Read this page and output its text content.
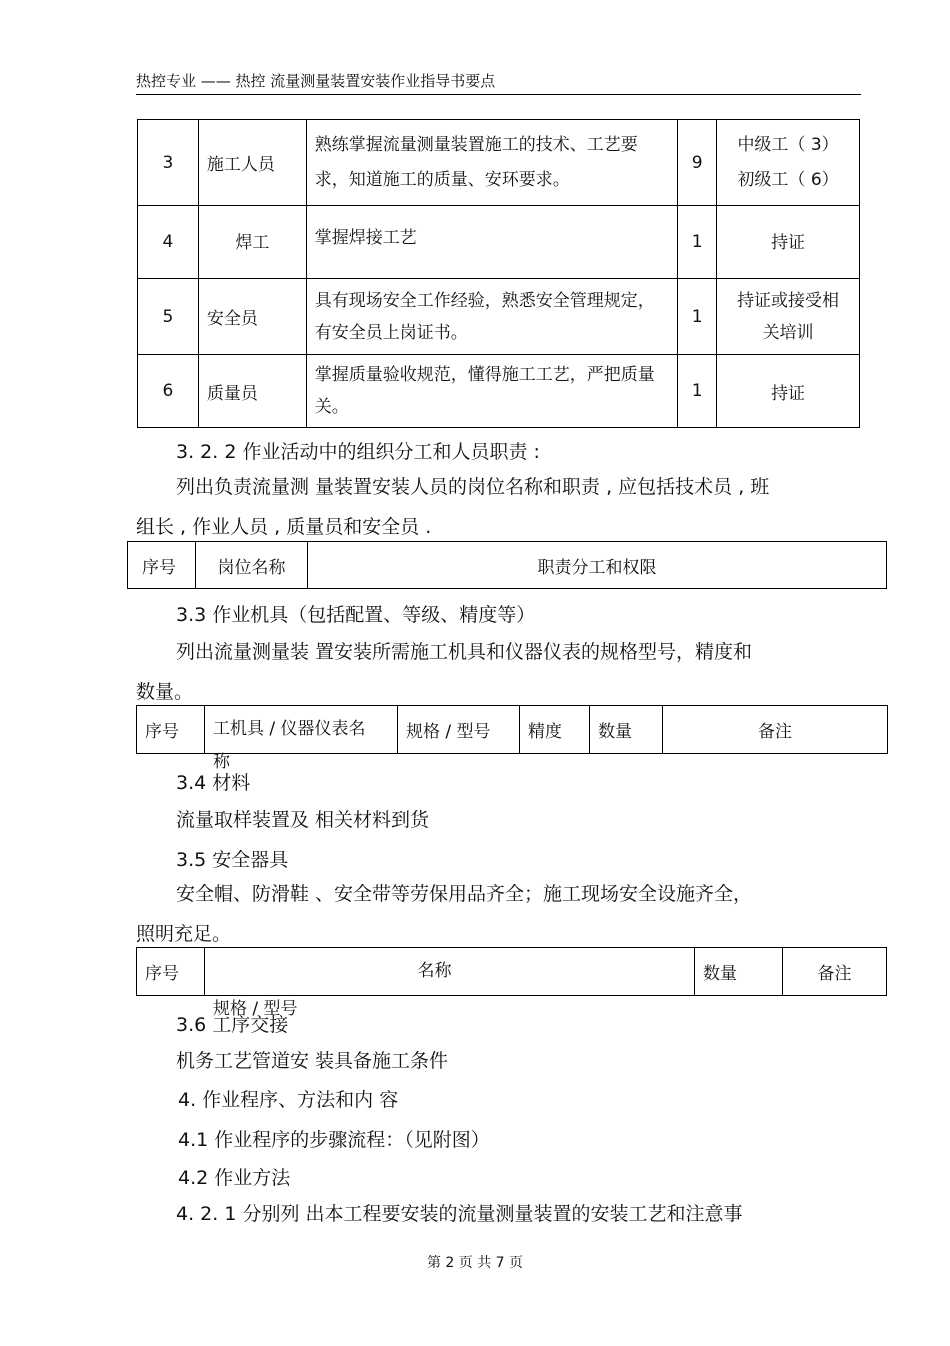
热控专业 —— 热控 流量测量装置安装作业指导书要点
3	施工人员	熟练掌握流量测量装置施工的技术、工艺要求，知道施工的质量、安环要求。	9	中级工（ 3）
初级工（ 6）
4	焊工	掌握焊接工艺	1	持证
5	安全员	具有现场安全工作经验，熟悉安全管理规定，有安全员上岗证书。	1	持证或接受相关培训
6	质量员	掌握质量验收规范，懂得施工工艺，严把质量关。	1	持证
3. 2. 2 作业活动中的组织分工和人员职责 :
列出负责流量测 量装置安装人员的岗位名称和职责 , 应包括技术员 , 班
组长 , 作业人员 , 质量员和安全员 .
序号	岗位名称	职责分工和权限
3.3 作业机具（包括配置、等级、精度等）
列出流量测量装 置安装所需施工机具和仪器仪表的规格型号，精度和
数量。
序号	工机具 / 仪器仪表名
称
	规格 / 型号	精度	数量	备注
3.4 材料
流量取样装置及 相关材料到货
3.5 安全器具
安全帽、防滑鞋 、安全带等劳保用品齐全；施工现场安全设施齐全，
照明充足。
序号	名称
规格 / 型号
	数量	备注
3.6 工序交接
机务工艺管道安 装具备施工条件
4. 作业程序、方法和内 容
4.1 作业程序的步骤流程：（见附图）
4.2 作业方法
4. 2. 1 分别列 出本工程要安装的流量测量装置的安装工艺和注意事
第 2 页 共 7 页
